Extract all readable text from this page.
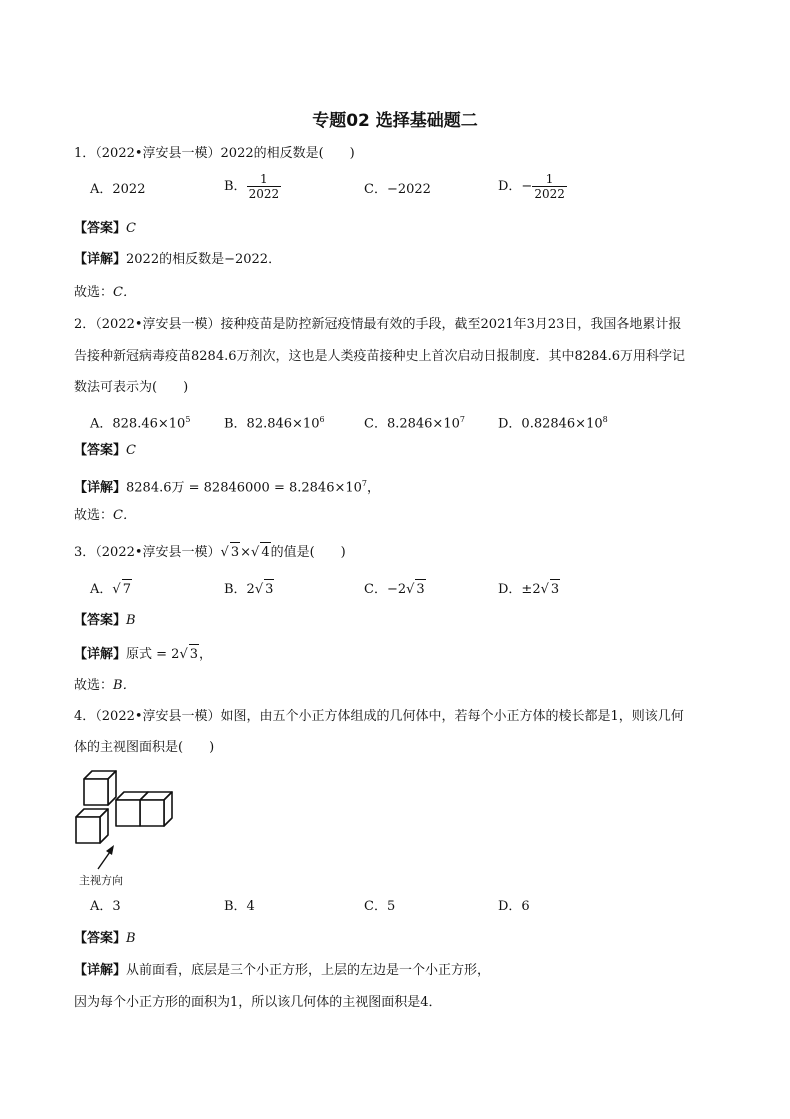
专题02 选择基础题二
1．（2022•淳安县一模）2022的相反数是(　　)
A．2022	B． $\frac{1}{2022}$	C．−2022	D．− $\frac{1}{2022}$
【答案】C
【详解】2022的相反数是−2022．
故选：C．
2．（2022•淳安县一模）接种疫苗是防控新冠疫情最有效的手段，截至2021年3月23日，我国各地累计报
告接种新冠病毒疫苗8284.6万剂次，这也是人类疫苗接种史上首次启动日报制度．其中8284.6万用科学记
数法可表示为(　　)
A．$828.46\times 10^5$	B．$82.846\times 10^6$	C．$8.2846\times 10^7$	D．$0.82846\times 10^8$
【答案】C
【详解】8284.6万 = $82846000 = 8.2846\times 10^7$，
故选：C．
3．（2022•淳安县一模）√ 3×√ 4的值是(　　)
A．√ 7	B．2√ 3	C．−2√ 3	D．±2√ 3
【答案】B
【详解】原式 = 2√ 3，
故选：B．
4．（2022•淳安县一模）如图，由五个小正方体组成的几何体中，若每个小正方体的棱长都是1，则该几何
体的主视图面积是(　　)
主视方向
A．3	B．4	C．5	D．6
【答案】B
【详解】从前面看，底层是三个小正方形，上层的左边是一个小正方形，
因为每个小正方形的面积为1，所以该几何体的主视图面积是4．
